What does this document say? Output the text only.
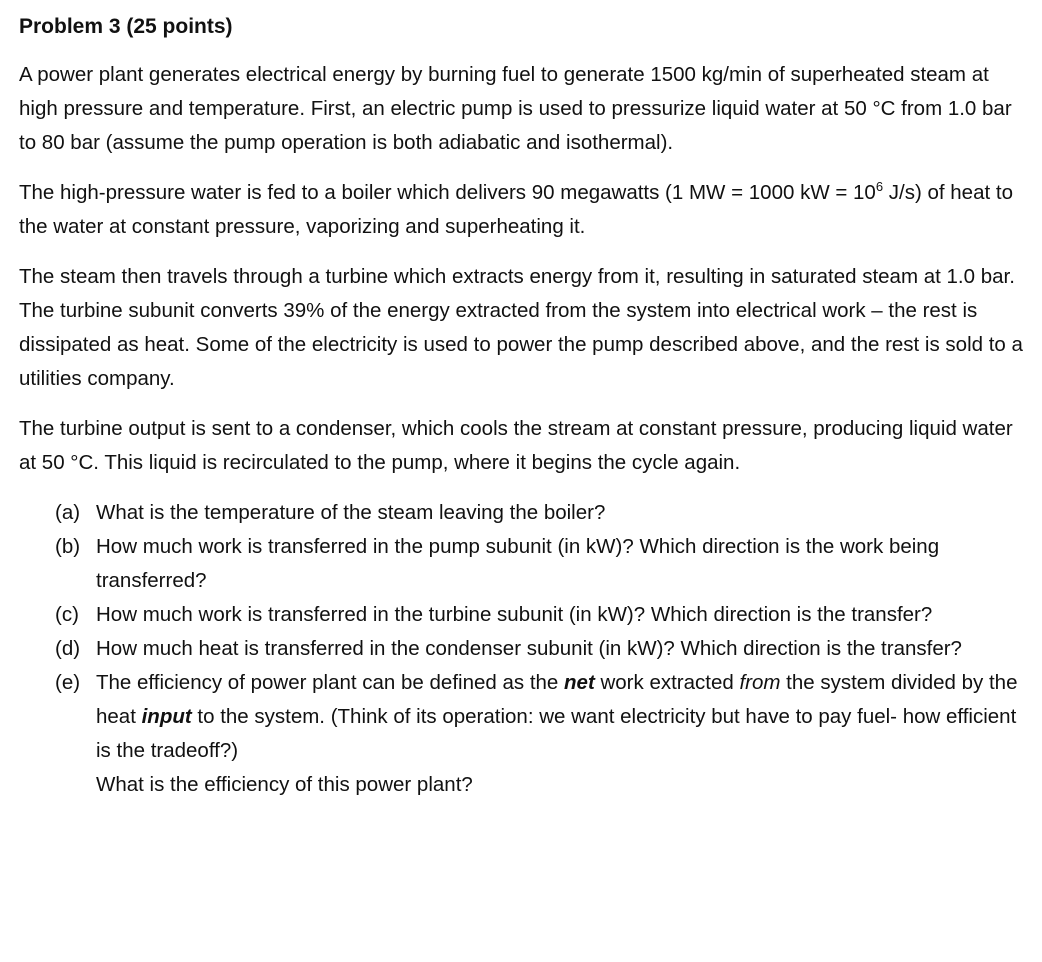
Problem 3 (25 points)

A power plant generates electrical energy by burning fuel to generate 1500 kg/min of superheated steam at high pressure and temperature. First, an electric pump is used to pressurize liquid water at 50 °C from 1.0 bar to 80 bar (assume the pump operation is both adiabatic and isothermal).

The high-pressure water is fed to a boiler which delivers 90 megawatts (1 MW = 1000 kW = $10^6$ J/s) of heat to the water at constant pressure, vaporizing and superheating it.

The steam then travels through a turbine which extracts energy from it, resulting in saturated steam at 1.0 bar. The turbine subunit converts 39% of the energy extracted from the system into electrical work – the rest is dissipated as heat. Some of the electricity is used to power the pump described above, and the rest is sold to a utilities company.

The turbine output is sent to a condenser, which cools the stream at constant pressure, producing liquid water at 50 °C. This liquid is recirculated to the pump, where it begins the cycle again.

(a) What is the temperature of the steam leaving the boiler?
(b) How much work is transferred in the pump subunit (in kW)? Which direction is the work being transferred?
(c) How much work is transferred in the turbine subunit (in kW)? Which direction is the transfer?
(d) How much heat is transferred in the condenser subunit (in kW)? Which direction is the transfer?
(e) The efficiency of power plant can be defined as the net work extracted from the system divided by the heat input to the system. (Think of its operation: we want electricity but have to pay fuel- how efficient is the tradeoff?)
What is the efficiency of this power plant?
